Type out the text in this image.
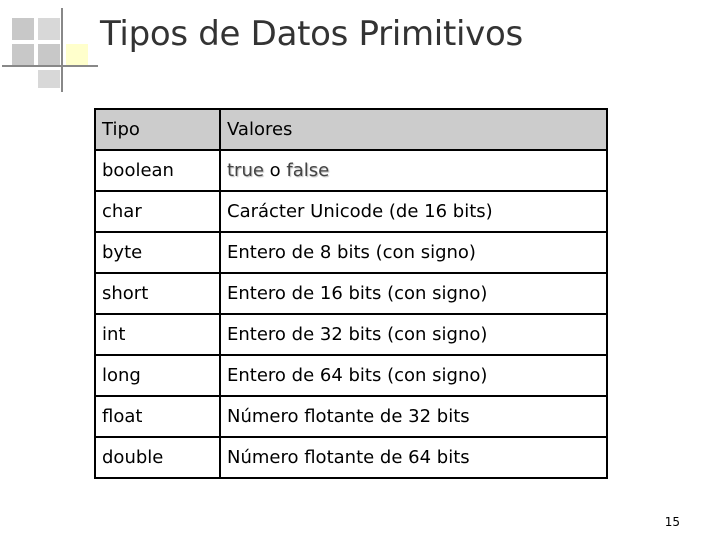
Tipos de Datos Primitivos
Tipo	Valores
boolean	true o false
char	Carácter Unicode (de 16 bits)
byte	Entero de 8 bits (con signo)
short	Entero de 16 bits (con signo)
int	Entero de 32 bits (con signo)
long	Entero de 64 bits (con signo)
float	Número flotante de 32 bits
double	Número flotante de 64 bits
15
